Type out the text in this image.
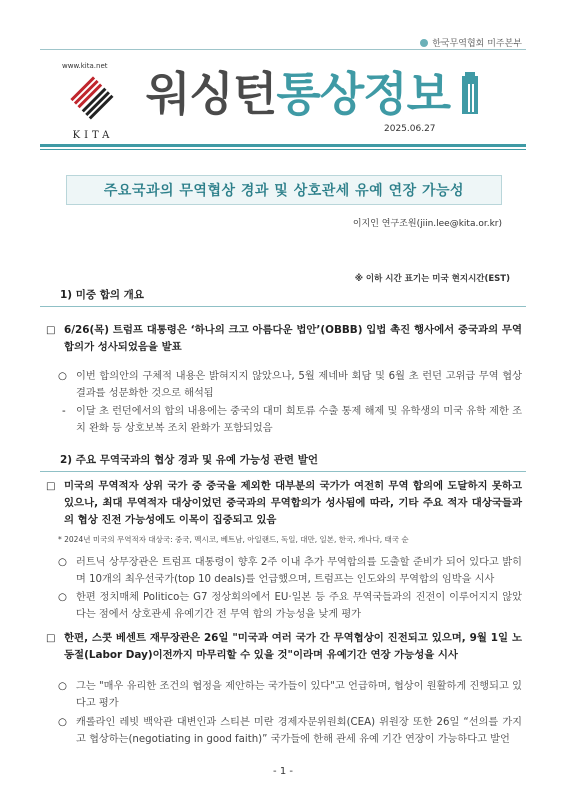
한국무역협회 미주본부
www.kita.net
KITA
워싱턴통상정보
2025.06.27
주요국과의 무역협상 경과 및 상호관세 유예 연장 가능성
이지인 연구조원(jiin.lee@kita.or.kr)
※ 이하 시간 표기는 미국 현지시간(EST)
1) 미중 합의 개요
□ 6/26(목) 트럼프 대통령은 ‘하나의 크고 아름다운 법안’(OBBB) 입법 촉진 행사에서 중국과의 무역합의가 성사되었음을 발표
○ 이번 합의안의 구체적 내용은 밝혀지지 않았으나, 5월 제네바 회담 및 6월 초 런던 고위급 무역 협상 결과를 성문화한 것으로 해석됨
-	이달 초 런던에서의 합의 내용에는 중국의 대미 희토류 수출 통제 해제 및 유학생의 미국 유학 제한 조치 완화 등 상호보복 조치 완화가 포함되었음
2) 주요 무역국과의 협상 경과 및 유예 가능성 관련 발언
□ 미국의 무역적자 상위 국가 중 중국을 제외한 대부분의 국가가 여전히 무역 합의에 도달하지 못하고 있으나, 최대 무역적자 대상이었던 중국과의 무역합의가 성사됨에 따라, 기타 주요 적자 대상국들과의 협상 진전 가능성에도 이목이 집중되고 있음
* 2024년 미국의 무역적자 대상국: 중국, 멕시코, 베트남, 아일랜드, 독일, 대만, 일본, 한국, 캐나다, 태국 순
○ 러트닉 상무장관은 트럼프 대통령이 향후 2주 이내 추가 무역합의를 도출할 준비가 되어 있다고 밝히며 10개의 최우선국가(top 10 deals)를 언급했으며, 트럼프는 인도와의 무역합의 임박을 시사
○ 한편 정치매체 Politico는 G7 정상회의에서 EU·일본 등 주요 무역국들과의 진전이 이루어지지 않았다는 점에서 상호관세 유예기간 전 무역 합의 가능성을 낮게 평가
□ 한편, 스콧 베센트 재무장관은 26일 "미국과 여러 국가 간 무역협상이 진전되고 있으며, 9월 1일 노동절(Labor Day)이전까지 마무리할 수 있을 것"이라며 유예기간 연장 가능성을 시사
○ 그는 "매우 유리한 조건의 협정을 제안하는 국가들이 있다"고 언급하며, 협상이 원활하게 진행되고 있다고 평가
○ 캐롤라인 레빗 백악관 대변인과 스티븐 미란 경제자문위원회(CEA) 위원장 또한 26일 “선의를 가지고 협상하는(negotiating in good faith)” 국가들에 한해 관세 유예 기간 연장이 가능하다고 발언
- 1 -
